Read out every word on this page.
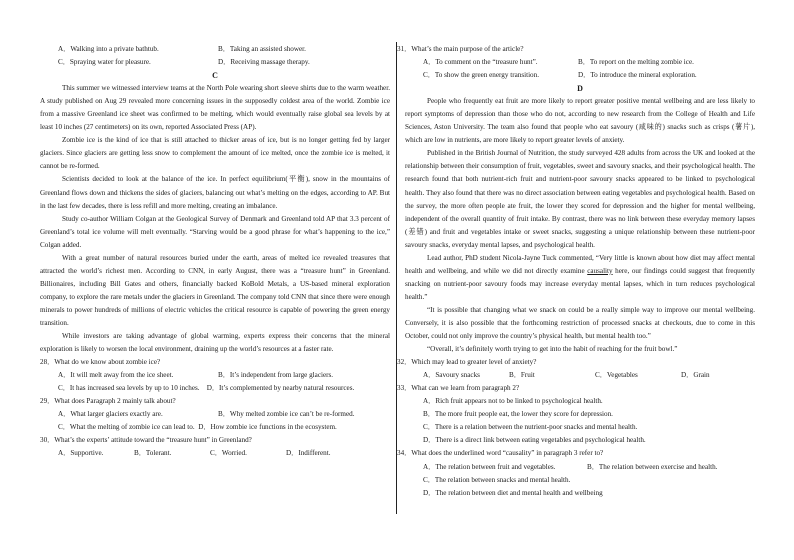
A．Walking into a private bathtub.	B．Taking an assisted shower.
C．Spraying water for pleasure.	D．Receiving massage therapy.
C
This summer we witnessed interview teams at the North Pole wearing short sleeve shirts due to the warm weather. A study published on Aug 29 revealed more concerning issues in the supposedly coldest area of the world. Zombie ice from a massive Greenland ice sheet was confirmed to be melting, which would eventually raise global sea levels by at least 10 inches (27 centimeters) on its own, reported Associated Press (AP).
Zombie ice is the kind of ice that is still attached to thicker areas of ice, but is no longer getting fed by larger glaciers. Since glaciers are getting less snow to complement the amount of ice melted, once the zombie ice is melted, it cannot be re-formed.
Scientists decided to look at the balance of the ice. In perfect equilibrium(平衡), snow in the mountains of Greenland flows down and thickens the sides of glaciers, balancing out what’s melting on the edges, according to AP. But in the last few decades, there is less refill and more melting, creating an imbalance.
Study co-author William Colgan at the Geological Survey of Denmark and Greenland told AP that 3.3 percent of Greenland’s total ice volume will melt eventually. “Starving would be a good phrase for what’s happening to the ice,” Colgan added.
With a great number of natural resources buried under the earth, areas of melted ice revealed treasures that attracted the world’s richest men. According to CNN, in early August, there was a “treasure hunt” in Greenland. Billionaires, including Bill Gates and others, financially backed KoBold Metals, a US-based mineral exploration company, to explore the rare metals under the glaciers in Greenland. The company told CNN that since there were enough minerals to power hundreds of millions of electric vehicles the critical resource is capable of powering the green energy transition.
While investors are taking advantage of global warming, experts express their concerns that the mineral exploration is likely to worsen the local environment, draining up the world’s resources at a faster rate.
28．What do we know about zombie ice?
A．It will melt away from the ice sheet.	B．It’s independent from large glaciers.
C．It has increased sea levels by up to 10 inches. D．It’s complemented by nearby natural resources.
29．What does Paragraph 2 mainly talk about?
A．What larger glaciers exactly are.	B．Why melted zombie ice can’t be re-formed.
C．What the melting of zombie ice can lead to.
D．How zombie ice functions in the ecosystem.
30．What’s the experts’ attitude toward the “treasure hunt” in Greenland?
A．Supportive.	B．Tolerant.	C．Worried.	D．Indifferent.
31．What’s the main purpose of the article?
A．To comment on the “treasure hunt”.	B．To report on the melting zombie ice.
C．To show the green energy transition.	D．To introduce the mineral exploration.
D
People who frequently eat fruit are more likely to report greater positive mental wellbeing and are less likely to report symptoms of depression than those who do not, according to new research from the College of Health and Life Sciences, Aston University. The team also found that people who eat savoury (咸味的) snacks such as crisps (薯片), which are low in nutrients, are more likely to report greater levels of anxiety.
Published in the British Journal of Nutrition, the study surveyed 428 adults from across the UK and looked at the relationship between their consumption of fruit, vegetables, sweet and savoury snacks, and their psychological health. The research found that both nutrient-rich fruit and nutrient-poor savoury snacks appeared to be linked to psychological health. They also found that there was no direct association between eating vegetables and psychological health. Based on the survey, the more often people ate fruit, the lower they scored for depression and the higher for mental wellbeing, independent of the overall quantity of fruit intake. By contrast, there was no link between these everyday memory lapses (差错) and fruit and vegetables intake or sweet snacks, suggesting a unique relationship between these nutrient-poor savoury snacks, everyday mental lapses, and psychological health.
Lead author, PhD student Nicola-Jayne Tuck commented, “Very little is known about how diet may affect mental health and wellbeing, and while we did not directly examine causality here, our findings could suggest that frequently snacking on nutrient-poor savoury foods may increase everyday mental lapses, which in turn reduces psychological health.”
“It is possible that changing what we snack on could be a really simple way to improve our mental wellbeing. Conversely, it is also possible that the forthcoming restriction of processed snacks at checkouts, due to come in this October, could not only improve the country’s physical health, but mental health too.”
“Overall, it’s definitely worth trying to get into the habit of reaching for the fruit bowl.”
32．Which may lead to greater level of anxiety?
A．Savoury snacks	B．Fruit	C．Vegetables	D．Grain
33．What can we learn from paragraph 2?
A．Rich fruit appears not to be linked to psychological health.
B．The more fruit people eat, the lower they score for depression.
C．There is a relation between the nutrient-poor snacks and mental health.
D．There is a direct link between eating vegetables and psychological health.
34．What does the underlined word “causality” in paragraph 3 refer to?
A．The relation between fruit and vegetables.	B．The relation between exercise and health.
C．The relation between snacks and mental health.
D．The relation between diet and mental health and wellbeing
